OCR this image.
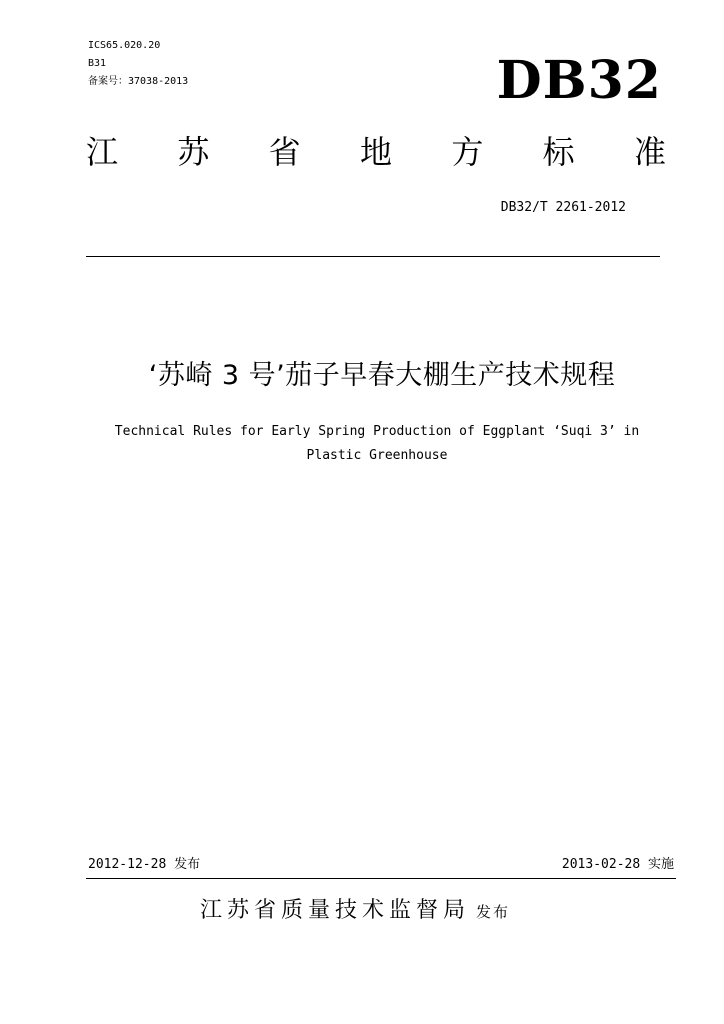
ICS65.020.20
B31
备案号：37038-2013	DB32
江 苏 省 地 方 标 准
DB32/T 2261-2012
‘苏崎 3 号’茄子早春大棚生产技术规程
Technical Rules for Early Spring Production of Eggplant ‘Suqi 3’ in
Plastic Greenhouse
2012-12-28 发布	2013-02-28 实施
江苏省质量技术监督局 发布
